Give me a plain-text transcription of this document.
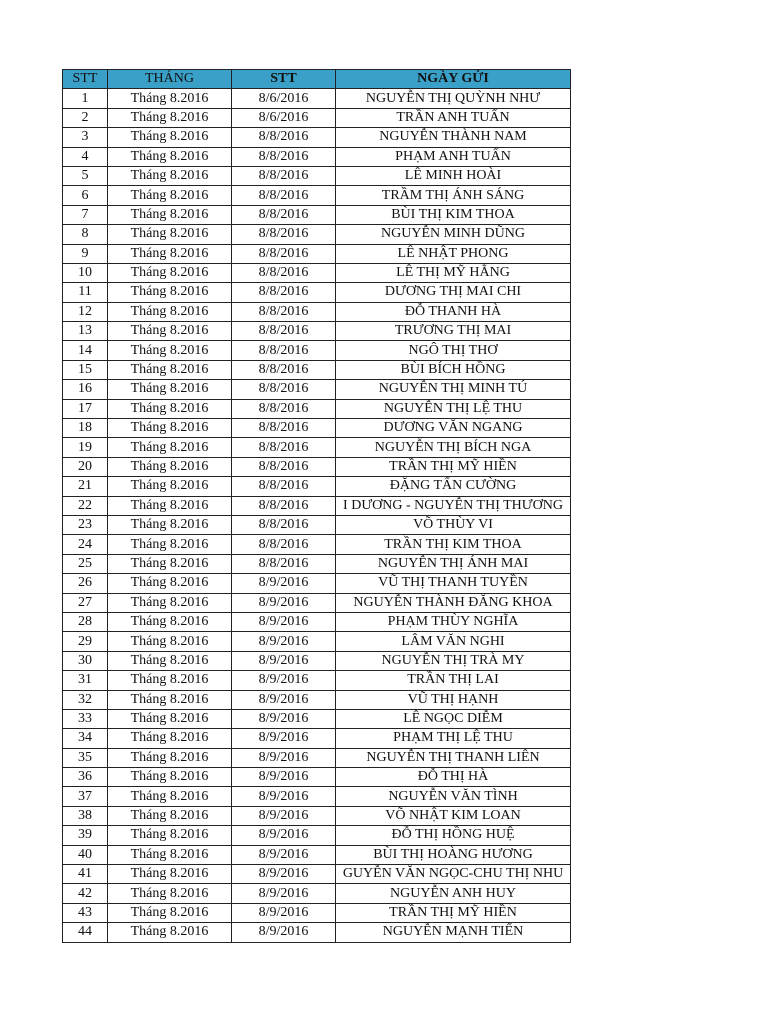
STT	THÁNG	STT	NGÀY GỬI
1	Tháng 8.2016	8/6/2016	NGUYỄN THỊ QUỲNH NHƯ
2	Tháng 8.2016	8/6/2016	TRẦN ANH TUẤN
3	Tháng 8.2016	8/8/2016	NGUYỄN THÀNH NAM
4	Tháng 8.2016	8/8/2016	PHẠM ANH TUẤN
5	Tháng 8.2016	8/8/2016	LÊ MINH HOÀI
6	Tháng 8.2016	8/8/2016	TRẦM THỊ ÁNH SÁNG
7	Tháng 8.2016	8/8/2016	BÙI THỊ KIM THOA
8	Tháng 8.2016	8/8/2016	NGUYỄN MINH DŨNG
9	Tháng 8.2016	8/8/2016	LÊ NHẬT PHONG
10	Tháng 8.2016	8/8/2016	LÊ THỊ MỸ HẰNG
11	Tháng 8.2016	8/8/2016	DƯƠNG THỊ MAI CHI
12	Tháng 8.2016	8/8/2016	ĐỖ THANH HÀ
13	Tháng 8.2016	8/8/2016	TRƯƠNG THỊ MAI
14	Tháng 8.2016	8/8/2016	NGÔ THỊ THƠ
15	Tháng 8.2016	8/8/2016	BÙI BÍCH HỒNG
16	Tháng 8.2016	8/8/2016	NGUYỄN THỊ MINH TÚ
17	Tháng 8.2016	8/8/2016	NGUYỄN THỊ LỆ THU
18	Tháng 8.2016	8/8/2016	DƯƠNG VĂN NGANG
19	Tháng 8.2016	8/8/2016	NGUYỄN THỊ BÍCH NGA
20	Tháng 8.2016	8/8/2016	TRẦN THỊ MỸ HIỀN
21	Tháng 8.2016	8/8/2016	ĐẶNG TẤN CƯỜNG
22	Tháng 8.2016	8/8/2016	I DƯƠNG - NGUYỄN THỊ THƯƠNG
23	Tháng 8.2016	8/8/2016	VÕ THÙY VI
24	Tháng 8.2016	8/8/2016	TRẦN THỊ KIM THOA
25	Tháng 8.2016	8/8/2016	NGUYỄN THỊ ÁNH MAI
26	Tháng 8.2016	8/9/2016	VŨ THỊ THANH TUYỀN
27	Tháng 8.2016	8/9/2016	NGUYỄN THÀNH ĐĂNG KHOA
28	Tháng 8.2016	8/9/2016	PHẠM THÙY NGHĨA
29	Tháng 8.2016	8/9/2016	LÂM VĂN NGHI
30	Tháng 8.2016	8/9/2016	NGUYỄN THỊ TRÀ MY
31	Tháng 8.2016	8/9/2016	TRẦN THỊ LAI
32	Tháng 8.2016	8/9/2016	VŨ THỊ HẠNH
33	Tháng 8.2016	8/9/2016	LÊ NGỌC DIỄM
34	Tháng 8.2016	8/9/2016	PHẠM THỊ LỆ THU
35	Tháng 8.2016	8/9/2016	NGUYỄN THỊ THANH LIÊN
36	Tháng 8.2016	8/9/2016	ĐỖ THỊ HÀ
37	Tháng 8.2016	8/9/2016	NGUYỄN VĂN TÌNH
38	Tháng 8.2016	8/9/2016	VÕ NHẬT KIM LOAN
39	Tháng 8.2016	8/9/2016	ĐỖ THỊ HỒNG HUỆ
40	Tháng 8.2016	8/9/2016	BÙI THỊ HOÀNG HƯƠNG
41	Tháng 8.2016	8/9/2016	GUYỄN VĂN NGỌC-CHU THỊ NHU
42	Tháng 8.2016	8/9/2016	NGUYỄN ANH HUY
43	Tháng 8.2016	8/9/2016	TRẦN THỊ MỸ HIỀN
44	Tháng 8.2016	8/9/2016	NGUYỄN MẠNH TIẾN
